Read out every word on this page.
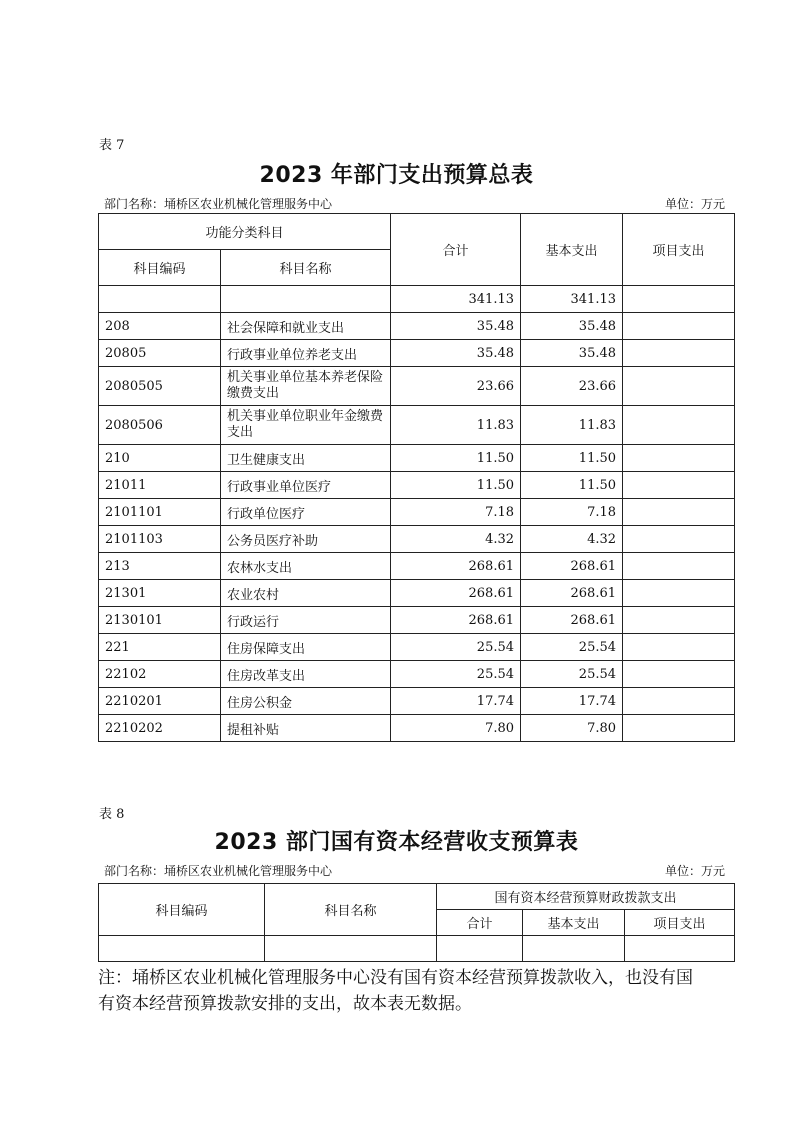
表 7
2023 年部门支出预算总表
部门名称：埇桥区农业机械化管理服务中心	单位：万元
功能分类科目		合计	基本支出	项目支出
科目编码	科目名称			
		341.13	341.13	
208	社会保障和就业支出	35.48	35.48	
20805	行政事业单位养老支出	35.48	35.48	
2080505	机关事业单位基本养老保险缴费支出	23.66	23.66	
2080506	机关事业单位职业年金缴费支出	11.83	11.83	
210	卫生健康支出	11.50	11.50	
21011	行政事业单位医疗	11.50	11.50	
2101101	行政单位医疗	7.18	7.18	
2101103	公务员医疗补助	4.32	4.32	
213	农林水支出	268.61	268.61	
21301	农业农村	268.61	268.61	
2130101	行政运行	268.61	268.61	
221	住房保障支出	25.54	25.54	
22102	住房改革支出	25.54	25.54	
2210201	住房公积金	17.74	17.74	
2210202	提租补贴	7.80	7.80	
表 8
2023 部门国有资本经营收支预算表
部门名称：埇桥区农业机械化管理服务中心	单位：万元
科目编码	科目名称	国有资本经营预算财政拨款支出		
		合计	基本支出	项目支出

注：埇桥区农业机械化管理服务中心没有国有资本经营预算拨款收入，也没有国有资本经营预算拨款安排的支出，故本表无数据。
